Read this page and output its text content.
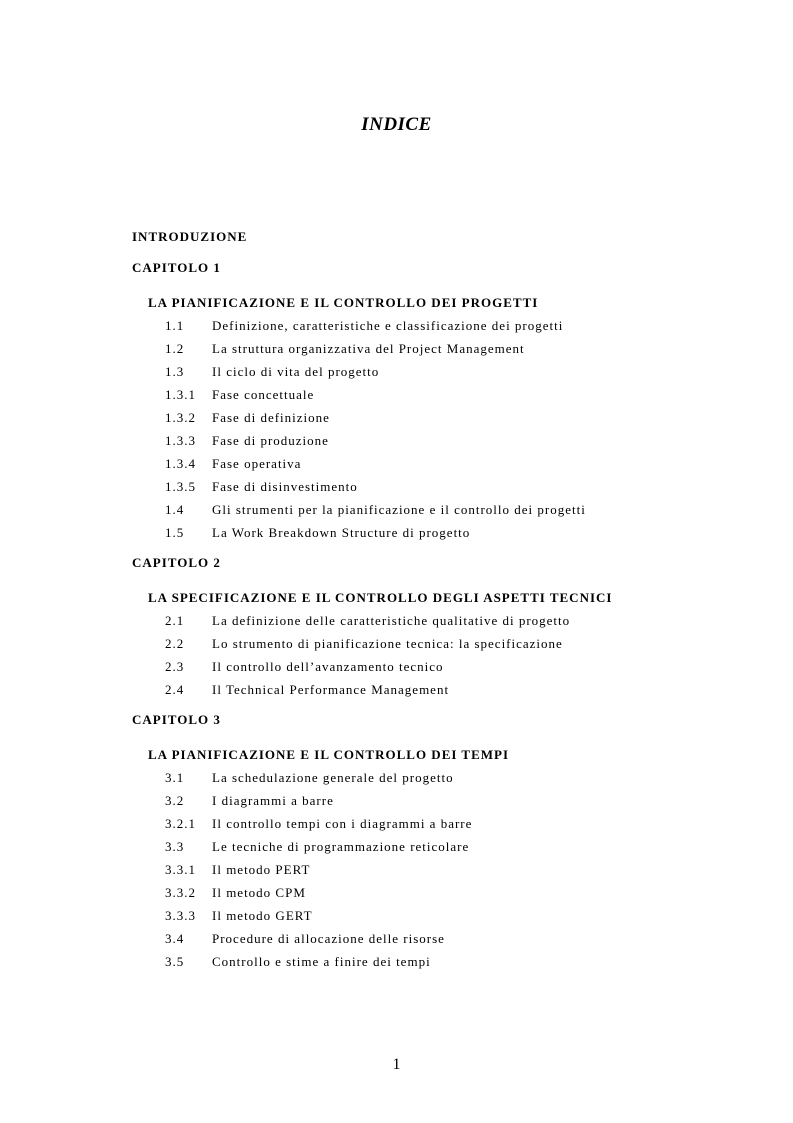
INDICE
INTRODUZIONE
CAPITOLO 1
LA PIANIFICAZIONE E IL CONTROLLO DEI PROGETTI
1.1 Definizione, caratteristiche e classificazione dei progetti
1.2 La struttura organizzativa del Project Management
1.3 Il ciclo di vita del progetto
1.3.1 Fase concettuale
1.3.2 Fase di definizione
1.3.3 Fase di produzione
1.3.4 Fase operativa
1.3.5 Fase di disinvestimento
1.4 Gli strumenti per la pianificazione e il controllo dei progetti
1.5 La Work Breakdown Structure di progetto
CAPITOLO 2
LA SPECIFICAZIONE E IL CONTROLLO DEGLI ASPETTI TECNICI
2.1 La definizione delle caratteristiche qualitative di progetto
2.2 Lo strumento di pianificazione tecnica: la specificazione
2.3 Il controllo dell’avanzamento tecnico
2.4 Il Technical Performance Management
CAPITOLO 3
LA PIANIFICAZIONE E IL CONTROLLO DEI TEMPI
3.1 La schedulazione generale del progetto
3.2 I diagrammi a barre
3.2.1 Il controllo tempi con i diagrammi a barre
3.3 Le tecniche di programmazione reticolare
3.3.1 Il metodo PERT
3.3.2 Il metodo CPM
3.3.3 Il metodo GERT
3.4 Procedure di allocazione delle risorse
3.5 Controllo e stime a finire dei tempi
1
